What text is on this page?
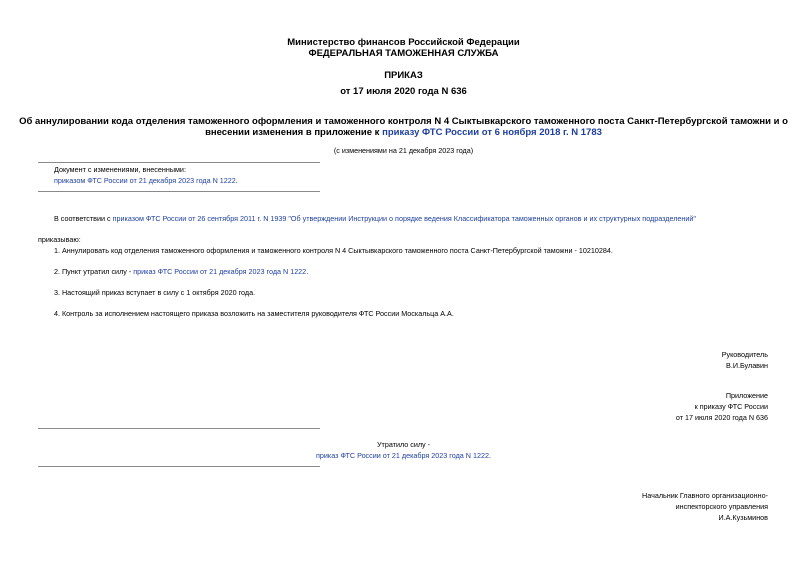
Министерство финансов Российской Федерации
ФЕДЕРАЛЬНАЯ ТАМОЖЕННАЯ СЛУЖБА
ПРИКАЗ
от 17 июля 2020 года N 636
Об аннулировании кода отделения таможенного оформления и таможенного контроля N 4 Сыктывкарского таможенного поста Санкт-Петербургской таможни и о
внесении изменения в приложение к приказу ФТС России от 6 ноября 2018 г. N 1783
(с изменениями на 21 декабря 2023 года)
Документ с изменениями, внесенными:
приказом ФТС России от 21 декабря 2023 года N 1222.
В соответствии с приказом ФТС России от 26 сентября 2011 г. N 1939 "Об утверждении Инструкции о порядке ведения Классификатора таможенных органов и их структурных подразделений"
приказываю:
1. Аннулировать код отделения таможенного оформления и таможенного контроля N 4 Сыктывкарского таможенного поста Санкт-Петербургской таможни - 10210284.
2. Пункт утратил силу - приказ ФТС России от 21 декабря 2023 года N 1222.
3. Настоящий приказ вступает в силу с 1 октября 2020 года.
4. Контроль за исполнением настоящего приказа возложить на заместителя руководителя ФТС России Москальца А.А.
Руководитель
В.И.Булавин
Приложение
к приказу ФТС России
от 17 июля 2020 года N 636
Утратило силу -
приказ ФТС России от 21 декабря 2023 года N 1222.
Начальник Главного организационно-
инспекторского управления
И.А.Кузьминов
